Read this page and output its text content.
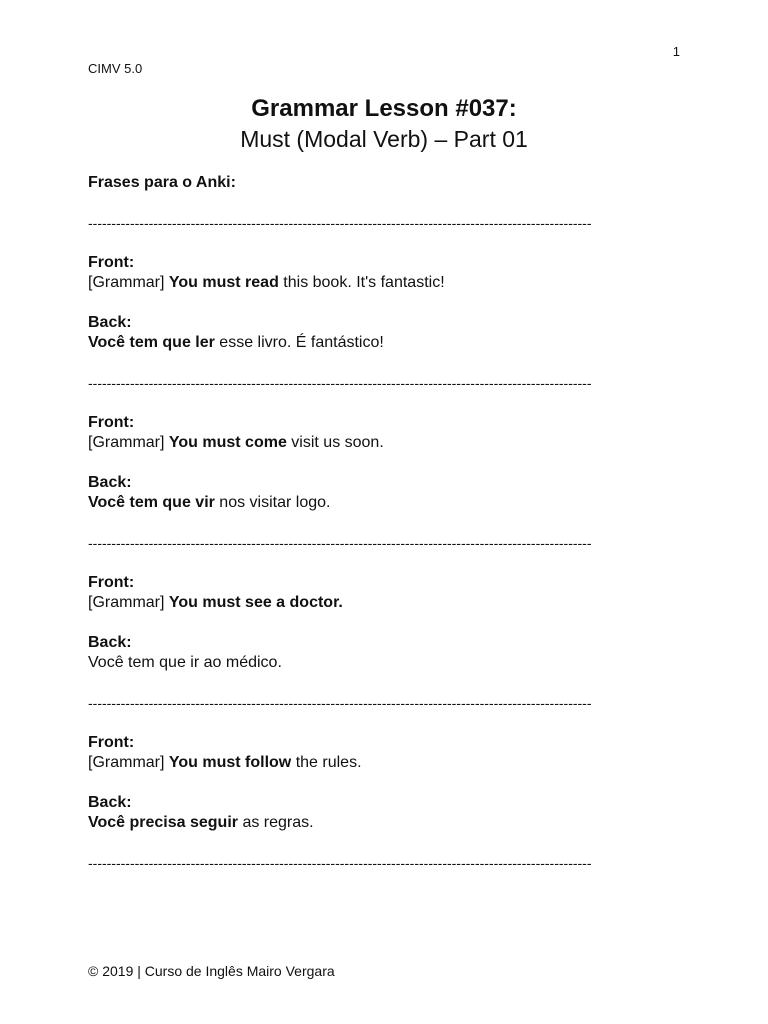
1
CIMV 5.0
Grammar Lesson #037:
Must (Modal Verb) – Part 01
Frases para o Anki:
------------------------------------------------------------------------------------------------------------
Front:
[Grammar] You must read this book. It's fantastic!
Back:
Você tem que ler esse livro. É fantástico!
------------------------------------------------------------------------------------------------------------
Front:
[Grammar] You must come visit us soon.
Back:
Você tem que vir nos visitar logo.
------------------------------------------------------------------------------------------------------------
Front:
[Grammar] You must see a doctor.
Back:
Você tem que ir ao médico.
------------------------------------------------------------------------------------------------------------
Front:
[Grammar] You must follow the rules.
Back:
Você precisa seguir as regras.
------------------------------------------------------------------------------------------------------------
© 2019 | Curso de Inglês Mairo Vergara
